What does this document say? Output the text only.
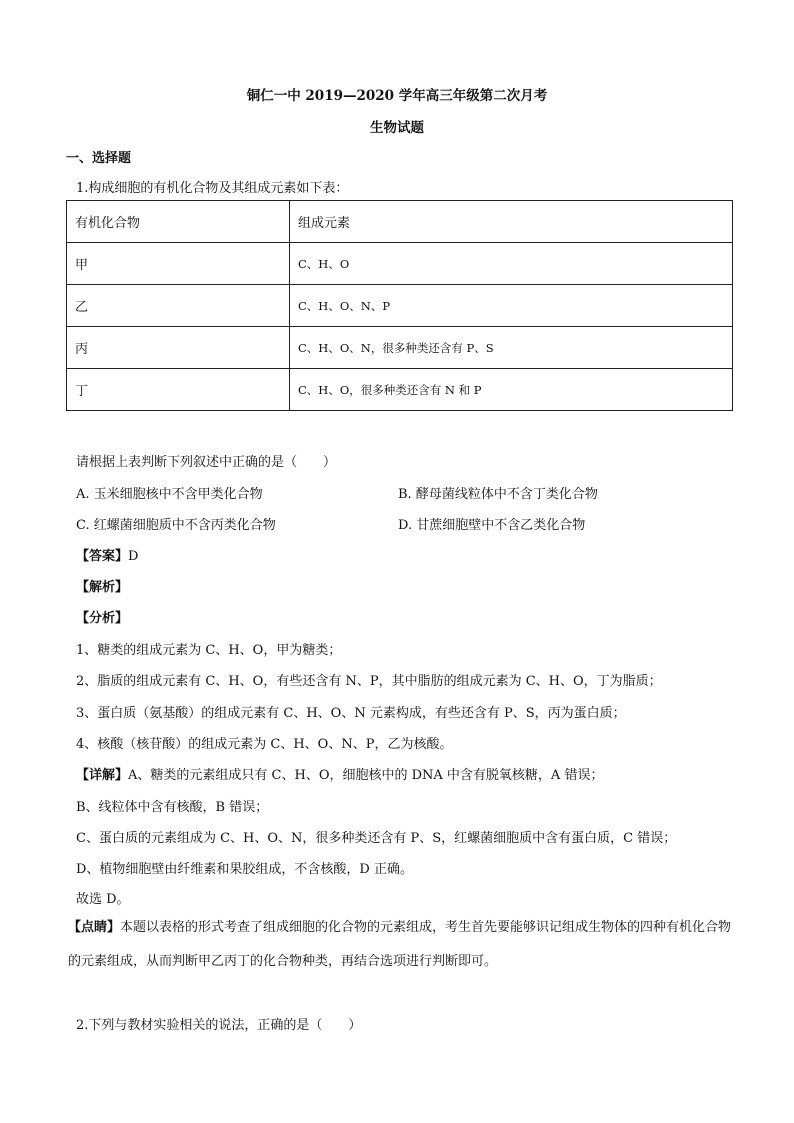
铜仁一中 2019—2020 学年高三年级第二次月考
生物试题
一、选择题
1.构成细胞的有机化合物及其组成元素如下表：
有机化合物	组成元素
甲	C、H、O
乙	C、H、O、N、P
丙	C、H、O、N，很多种类还含有 P、S
丁	C、H、O，很多种类还含有 N 和 P
请根据上表判断下列叙述中正确的是（　　）
A. 玉米细胞核中不含甲类化合物	B. 酵母菌线粒体中不含丁类化合物
C. 红螺菌细胞质中不含丙类化合物	D. 甘蔗细胞壁中不含乙类化合物
【答案】D
【解析】
【分析】
1、糖类的组成元素为 C、H、O，甲为糖类；
2、脂质的组成元素有 C、H、O，有些还含有 N、P，其中脂肪的组成元素为 C、H、O，丁为脂质；
3、蛋白质（氨基酸）的组成元素有 C、H、O、N 元素构成，有些还含有 P、S，丙为蛋白质；
4、核酸（核苷酸）的组成元素为 C、H、O、N、P，乙为核酸。
【详解】A、糖类的元素组成只有 C、H、O，细胞核中的 DNA 中含有脱氧核糖，A 错误；
B、线粒体中含有核酸，B 错误；
C、蛋白质的元素组成为 C、H、O、N，很多种类还含有 P、S，红螺菌细胞质中含有蛋白质，C 错误；
D、植物细胞壁由纤维素和果胶组成，不含核酸，D 正确。
故选 D。
【点睛】本题以表格的形式考查了组成细胞的化合物的元素组成，考生首先要能够识记组成生物体的四种有机化合物的元素组成，从而判断甲乙丙丁的化合物种类，再结合选项进行判断即可。
2.下列与教材实验相关的说法，正确的是（　　）
